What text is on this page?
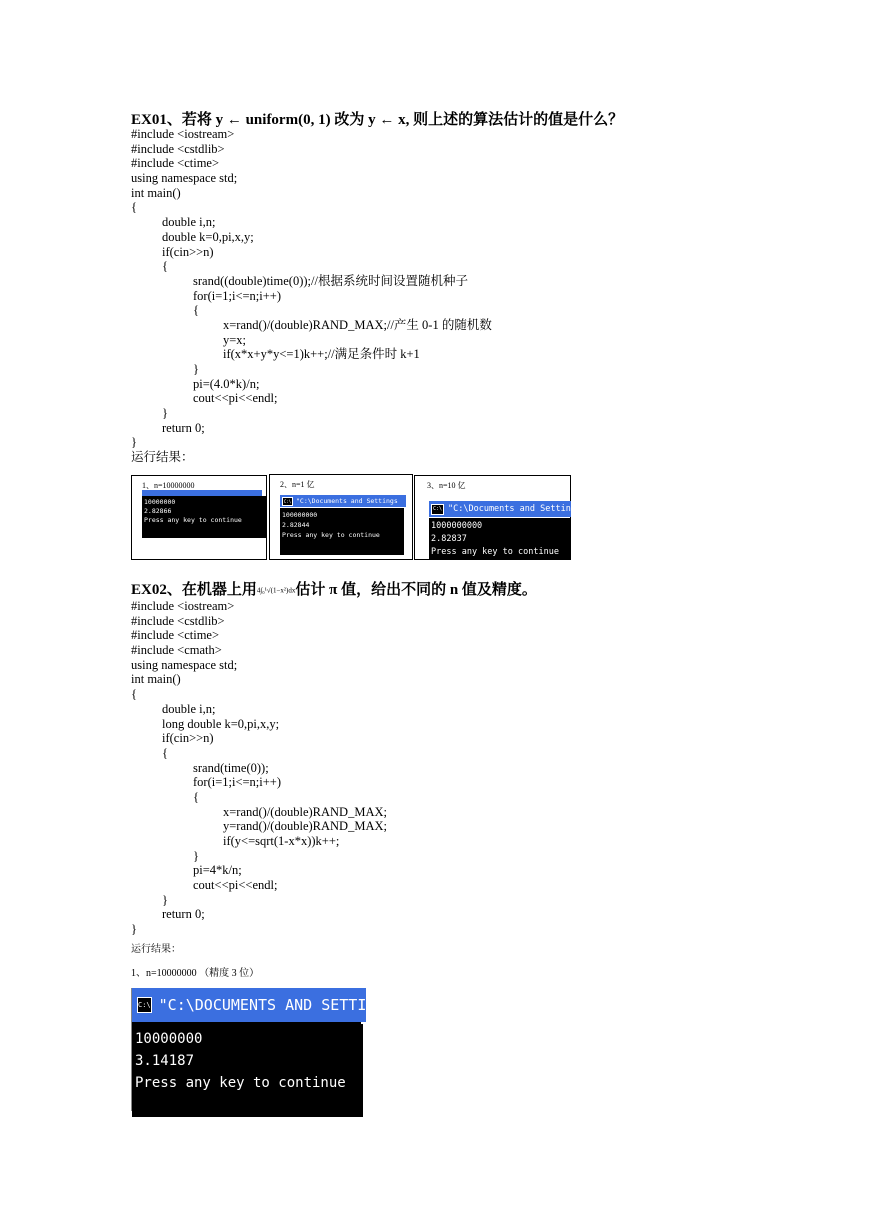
EX01、若将 y ← uniform(0, 1) 改为 y ← x, 则上述的算法估计的值是什么？
#include <iostream>
#include <cstdlib>
#include <ctime>
using namespace std;
int main()
{
double i,n;
double k=0,pi,x,y;
if(cin>>n)
{
srand((double)time(0));//根据系统时间设置随机种子
for(i=1;i<=n;i++)
{
x=rand()/(double)RAND_MAX;//产生 0-1 的随机数
y=x;
if(x*x+y*y<=1)k++;//满足条件时 k+1
}
pi=(4.0*k)/n;
cout<<pi<<endl;
}
return 0;
}
运行结果：
1、n=10000000
10000000
2.82866
Press any key to continue
2、n=1 亿
C:\ "C:\Documents and Settings
100000000
2.82844
Press any key to continue
3、n=10 亿
C:\ "C:\Documents and Settin
1000000000
2.82837
Press any key to continue
EX02、在机器上用4∫₀¹√(1−x²)dx估计 π 值，给出不同的 n 值及精度。
#include <iostream>
#include <cstdlib>
#include <ctime>
#include <cmath>
using namespace std;
int main()
{
double i,n;
long double k=0,pi,x,y;
if(cin>>n)
{
srand(time(0));
for(i=1;i<=n;i++)
{
x=rand()/(double)RAND_MAX;
y=rand()/(double)RAND_MAX;
if(y<=sqrt(1-x*x))k++;
}
pi=4*k/n;
cout<<pi<<endl;
}
return 0;
}
运行结果：
1、n=10000000 （精度 3 位）
C:\ "C:\DOCUMENTS AND SETTING
10000000
3.14187
Press any key to continue
